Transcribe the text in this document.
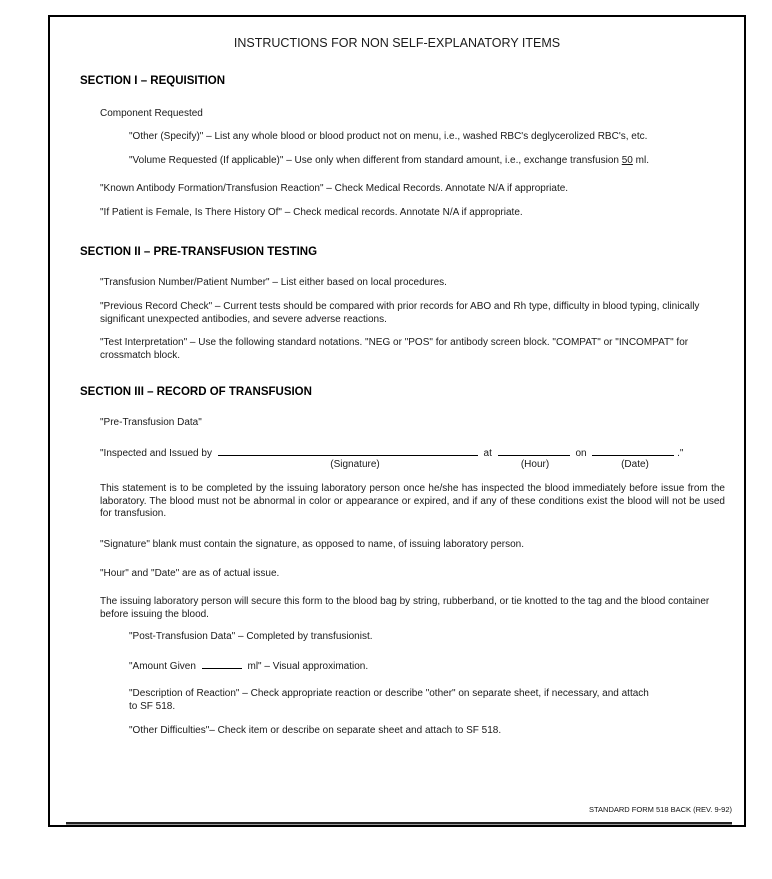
INSTRUCTIONS FOR NON SELF-EXPLANATORY ITEMS
SECTION I – REQUISITION
Component Requested
"Other (Specify)" – List any whole blood or blood product not on menu, i.e., washed RBC's deglycerolized RBC's, etc.
"Volume Requested (If applicable)" – Use only when different from standard amount, i.e., exchange transfusion 50 ml.
"Known Antibody Formation/Transfusion Reaction" – Check Medical Records. Annotate N/A if appropriate.
"If Patient is Female, Is There History Of" – Check medical records. Annotate N/A if appropriate.
SECTION II – PRE-TRANSFUSION TESTING
"Transfusion Number/Patient Number" – List either based on local procedures.
"Previous Record Check" – Current tests should be compared with prior records for ABO and Rh type, difficulty in blood typing, clinically significant unexpected antibodies, and severe adverse reactions.
"Test Interpretation" – Use the following standard notations. "NEG or "POS" for antibody screen block. "COMPAT" or "INCOMPAT" for crossmatch block.
SECTION III – RECORD OF TRANSFUSION
"Pre-Transfusion Data"
"Inspected and Issued by	at	on	."
(Signature)	(Hour)	(Date)
This statement is to be completed by the issuing laboratory person once he/she has inspected the blood immediately before issue from the laboratory. The blood must not be abnormal in color or appearance or expired, and if any of these conditions exist the blood will not be used for transfusion.
"Signature" blank must contain the signature, as opposed to name, of issuing laboratory person.
"Hour" and "Date" are as of actual issue.
The issuing laboratory person will secure this form to the blood bag by string, rubberband, or tie knotted to the tag and the blood container before issuing the blood.
"Post-Transfusion Data" – Completed by transfusionist.
"Amount Given	ml" – Visual approximation.
"Description of Reaction" – Check appropriate reaction or describe "other" on separate sheet, if necessary, and attach to SF 518.
"Other Difficulties"– Check item or describe on separate sheet and attach to SF 518.
STANDARD FORM 518 BACK (REV. 9-92)
